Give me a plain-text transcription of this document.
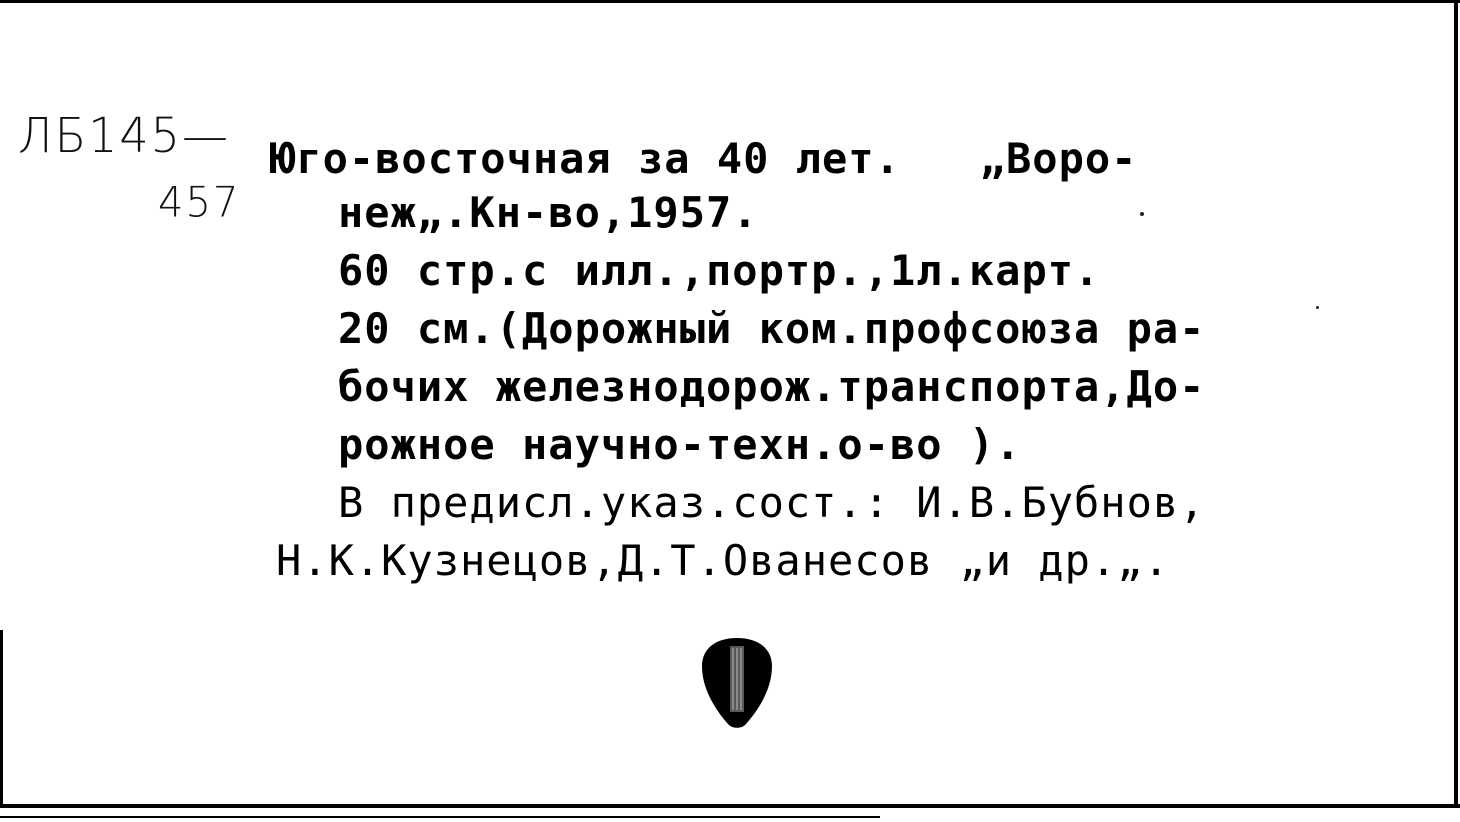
ЛБ145—
457
Юго-восточная за 40 лет.   „Воро-
неж„.Кн-во,1957.
60 стр.с илл.,портр.,1л.карт.
20 см.(Дорожный ком.профсоюза ра-
бочих железнодорож.транспорта,До-
рожное научно-техн.о-во ).
В предисл.указ.сост.: И.В.Бубнов,
Н.К.Кузнецов,Д.Т.Ованесов „и др.„.
